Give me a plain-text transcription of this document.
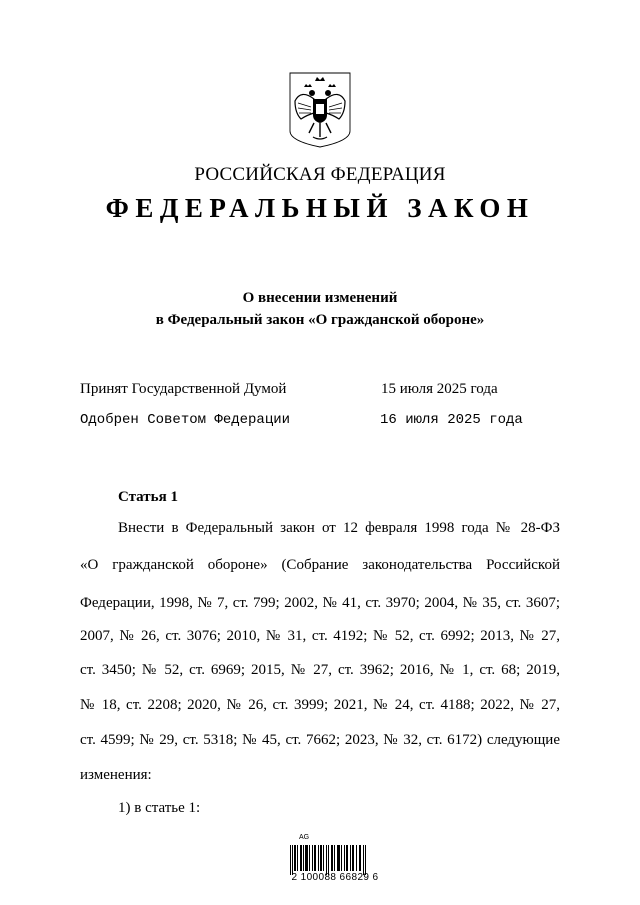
РОССИЙСКАЯ ФЕДЕРАЦИЯ
ФЕДЕРАЛЬНЫЙ ЗАКОН
О внесении изменений
в Федеральный закон «О гражданской обороне»
Принят Государственной Думой	15 июля 2025 года
Одобрен Советом Федерации	16 июля 2025 года
Статья 1
Внести в Федеральный закон от 12 февраля 1998 года № 28-ФЗ
«О гражданской обороне» (Собрание законодательства Российской
Федерации, 1998, № 7, ст. 799; 2002, № 41, ст. 3970; 2004, № 35, ст. 3607;
2007, № 26, ст. 3076; 2010, № 31, ст. 4192; № 52, ст. 6992; 2013, № 27,
ст. 3450; № 52, ст. 6969; 2015, № 27, ст. 3962; 2016, № 1, ст. 68; 2019,
№ 18, ст. 2208; 2020, № 26, ст. 3999; 2021, № 24, ст. 4188; 2022, № 27,
ст. 4599; № 29, ст. 5318; № 45, ст. 7662; 2023, № 32, ст. 6172) следующие
изменения:
1) в статье 1:
AG
2 100088 66829 6
